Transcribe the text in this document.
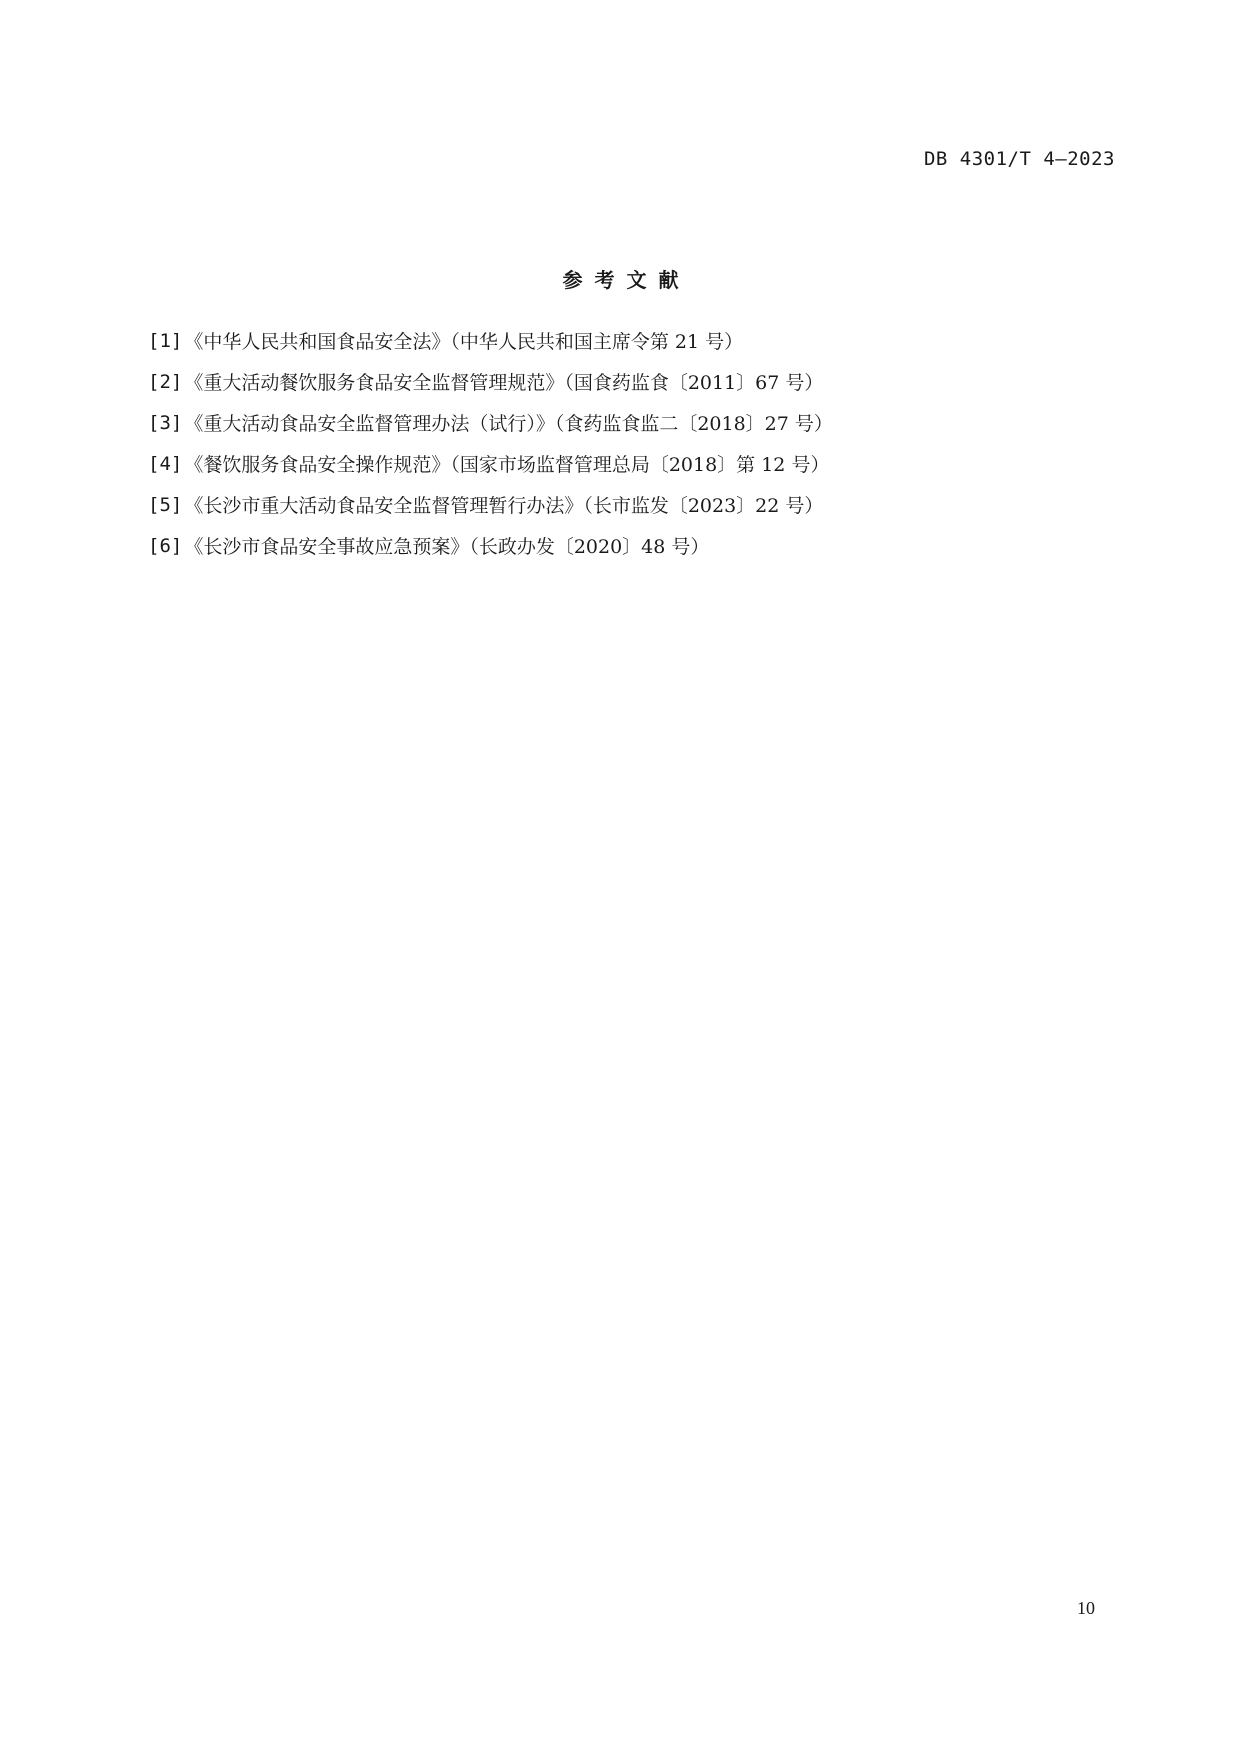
DB 4301/T 4—2023
参考文献
[1] 《中华人民共和国食品安全法》（中华人民共和国主席令第 21 号）
[2] 《重大活动餐饮服务食品安全监督管理规范》（国食药监食〔2011〕67 号）
[3] 《重大活动食品安全监督管理办法（试行）》（食药监食监二〔2018〕27 号）
[4] 《餐饮服务食品安全操作规范》（国家市场监督管理总局〔2018〕第 12 号）
[5] 《长沙市重大活动食品安全监督管理暂行办法》（长市监发〔2023〕22 号）
[6] 《长沙市食品安全事故应急预案》（长政办发〔2020〕48 号）
10
